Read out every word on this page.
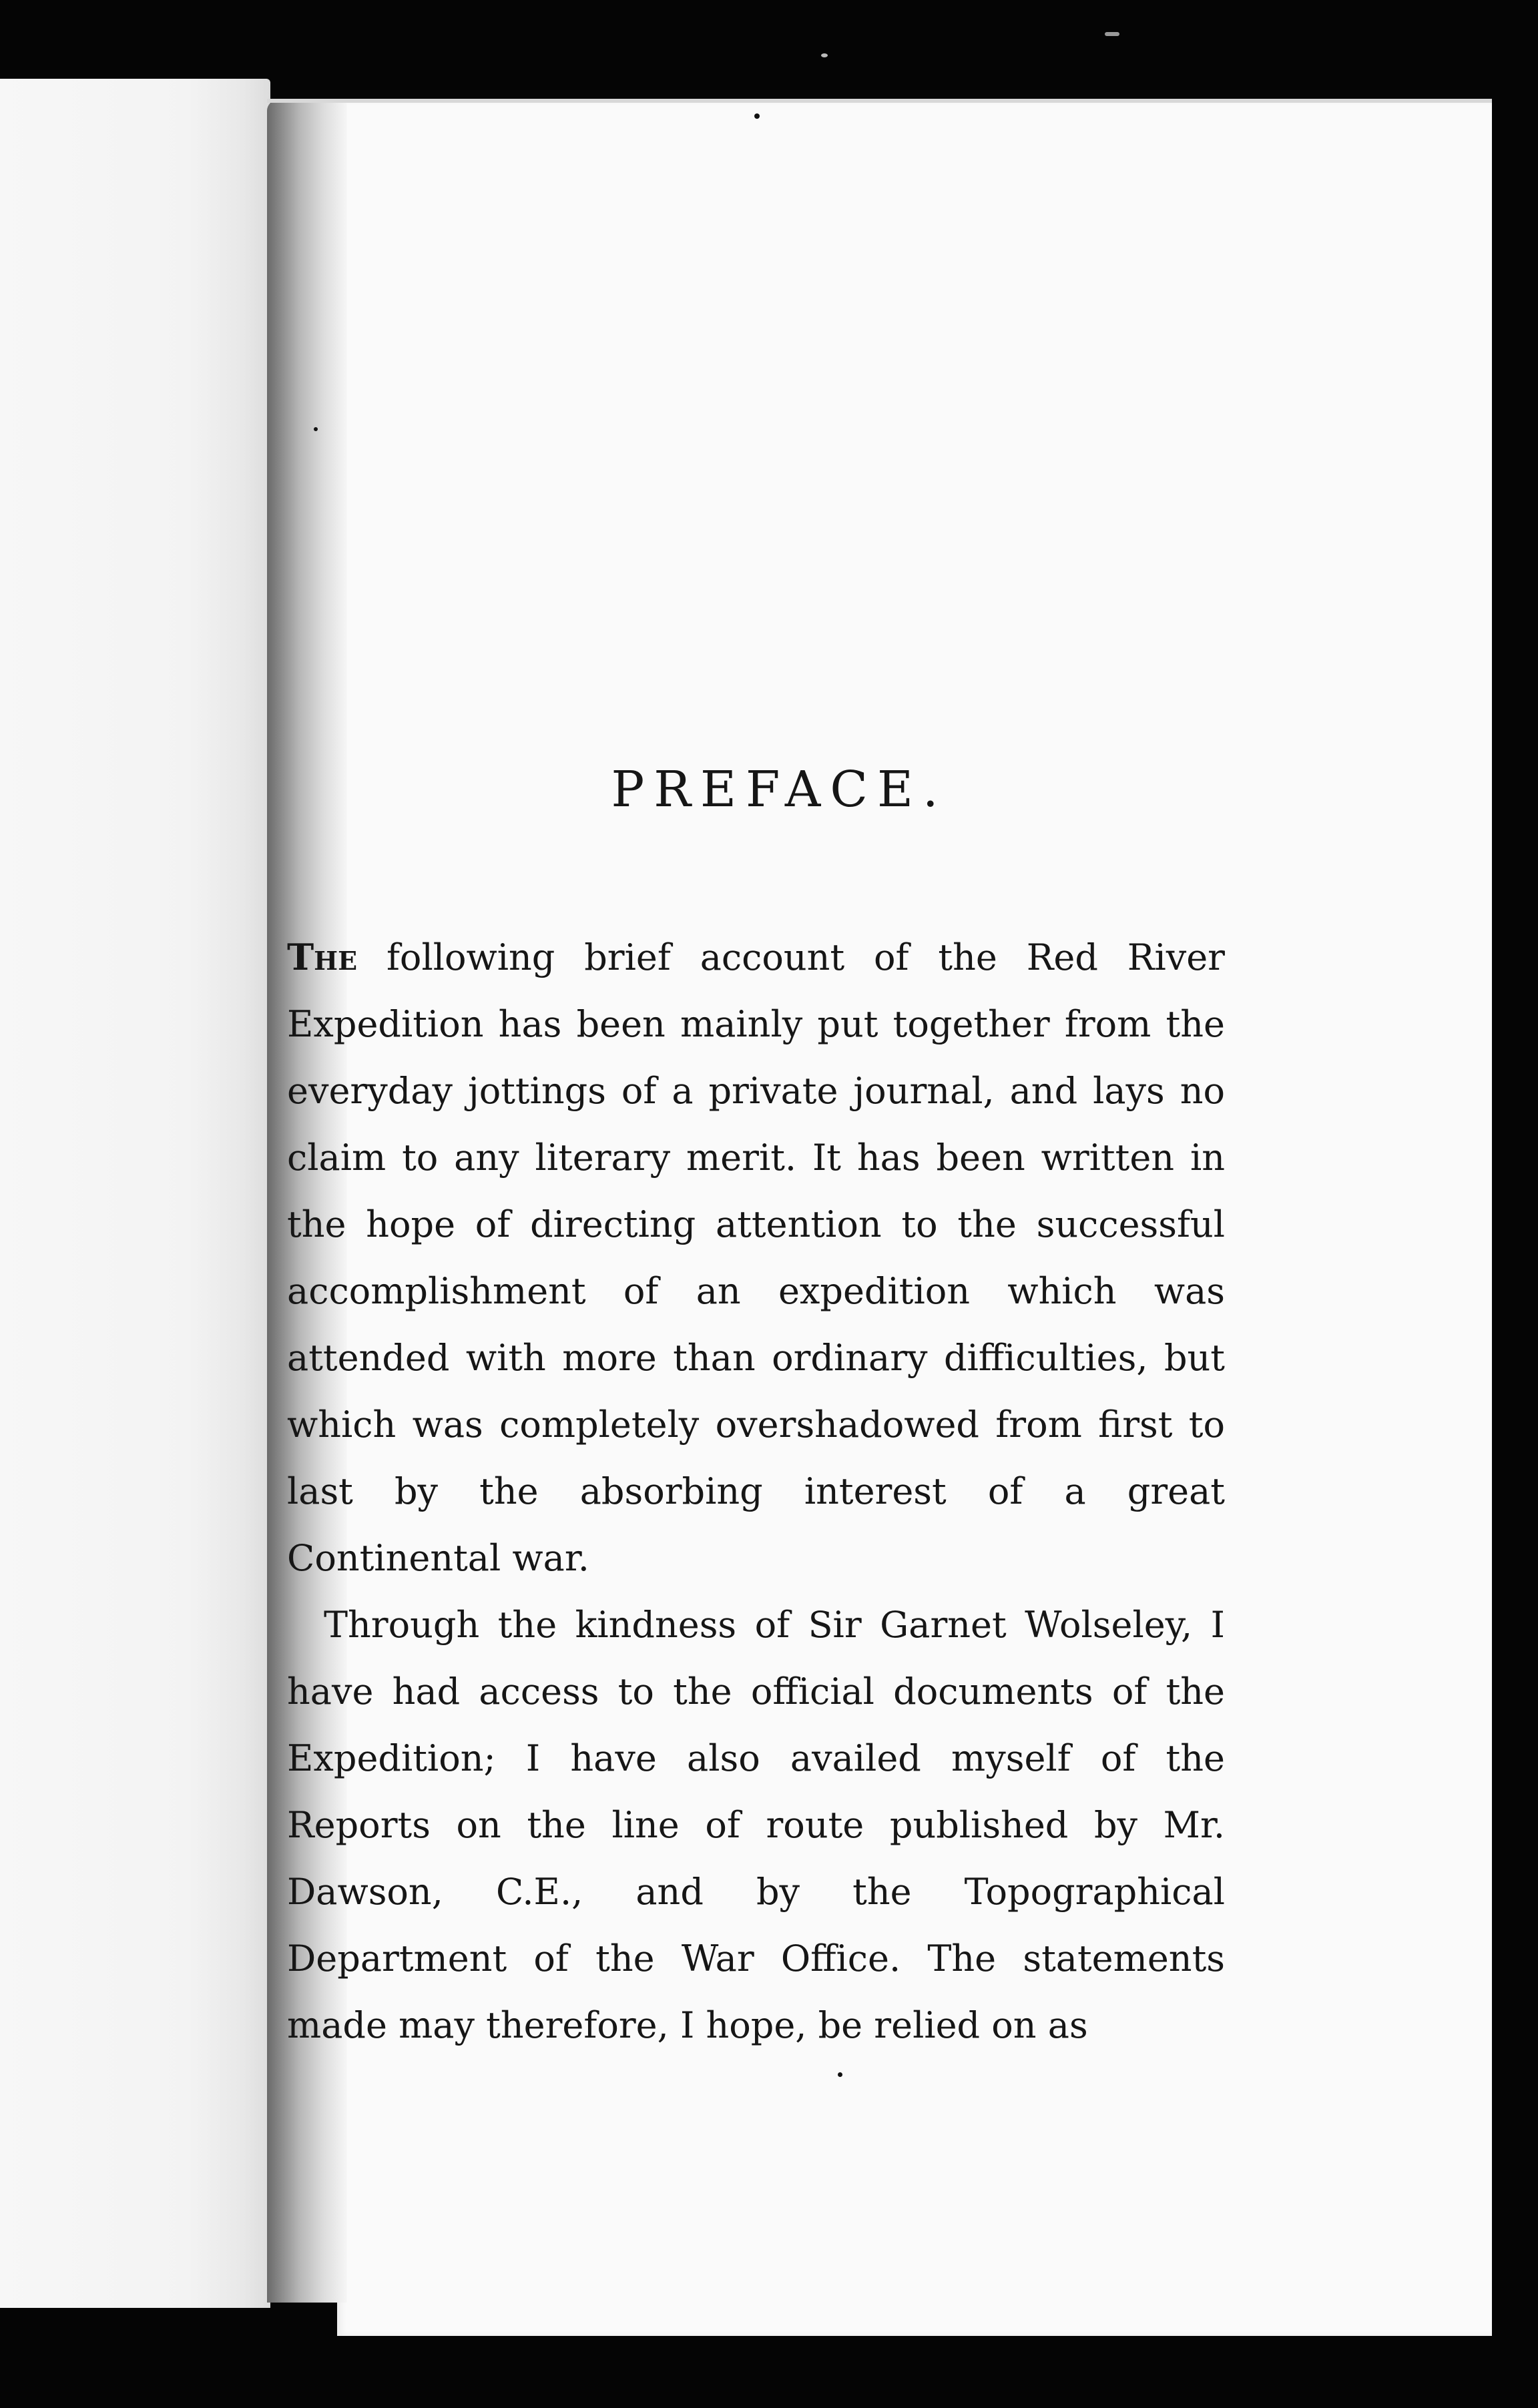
PREFACE.

The following brief account of the Red River Expedition has been mainly put together from the everyday jottings of a private journal, and lays no claim to any literary merit. It has been written in the hope of directing attention to the successful accomplishment of an expedition which was attended with more than ordinary difficulties, but which was completely overshadowed from first to last by the absorbing interest of a great Continental war.

Through the kindness of Sir Garnet Wolseley, I have had access to the official documents of the Expedition; I have also availed myself of the Reports on the line of route published by Mr. Dawson, C.E., and by the Topographical Department of the War Office. The statements made may therefore, I hope, be relied on as
